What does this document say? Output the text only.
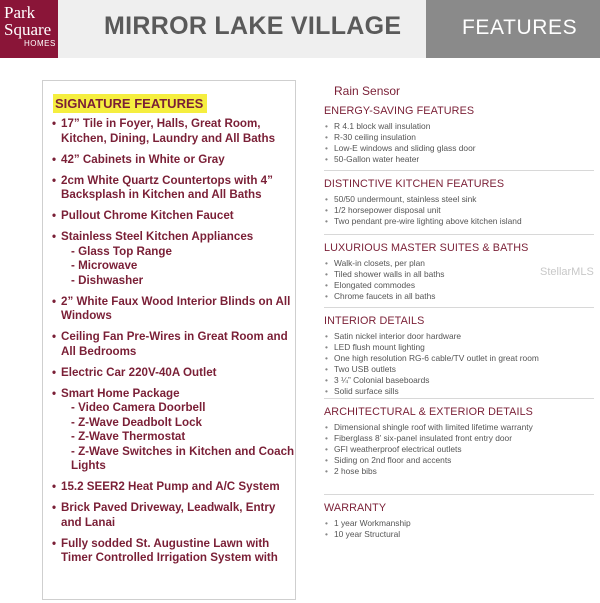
Park
Square
HOMES
MIRROR LAKE VILLAGE	FEATURES
SIGNATURE FEATURES
• 17” Tile in Foyer, Halls, Great Room, Kitchen, Dining, Laundry and All Baths
• 42” Cabinets in White or Gray
• 2cm White Quartz Countertops with 4” Backsplash in Kitchen and All Baths
• Pullout Chrome Kitchen Faucet
• Stainless Steel Kitchen Appliances
- Glass Top Range
- Microwave
- Dishwasher
• 2” White Faux Wood Interior Blinds on All Windows
• Ceiling Fan Pre-Wires in Great Room and All Bedrooms
• Electric Car 220V-40A Outlet
• Smart Home Package
- Video Camera Doorbell
- Z-Wave Deadbolt Lock
- Z-Wave Thermostat
- Z-Wave Switches in Kitchen and Coach Lights
• 15.2 SEER2 Heat Pump and A/C System
• Brick Paved Driveway, Leadwalk, Entry and Lanai
• Fully sodded St. Augustine Lawn with Timer Controlled Irrigation System with
Rain Sensor
ENERGY-SAVING FEATURES
• R 4.1 block wall insulation
• R-30 ceiling insulation
• Low-E windows and sliding glass door
• 50-Gallon water heater
DISTINCTIVE KITCHEN FEATURES
• 50/50 undermount, stainless steel sink
• 1/2 horsepower disposal unit
• Two pendant pre-wire lighting above kitchen island
LUXURIOUS MASTER SUITES & BATHS
• Walk-in closets, per plan
• Tiled shower walls in all baths
• Elongated commodes
• Chrome faucets in all baths
INTERIOR DETAILS
• Satin nickel interior door hardware
• LED flush mount lighting
• One high resolution RG-6 cable/TV outlet in great room
• Two USB outlets
• 3 ¼” Colonial baseboards
• Solid surface sills
ARCHITECTURAL & EXTERIOR DETAILS
• Dimensional shingle roof with limited lifetime warranty
• Fiberglass 8’ six-panel insulated front entry door
• GFI weatherproof electrical outlets
• Siding on 2nd floor and accents
• 2 hose bibs
WARRANTY
• 1 year Workmanship
• 10 year Structural
StellarMLS
